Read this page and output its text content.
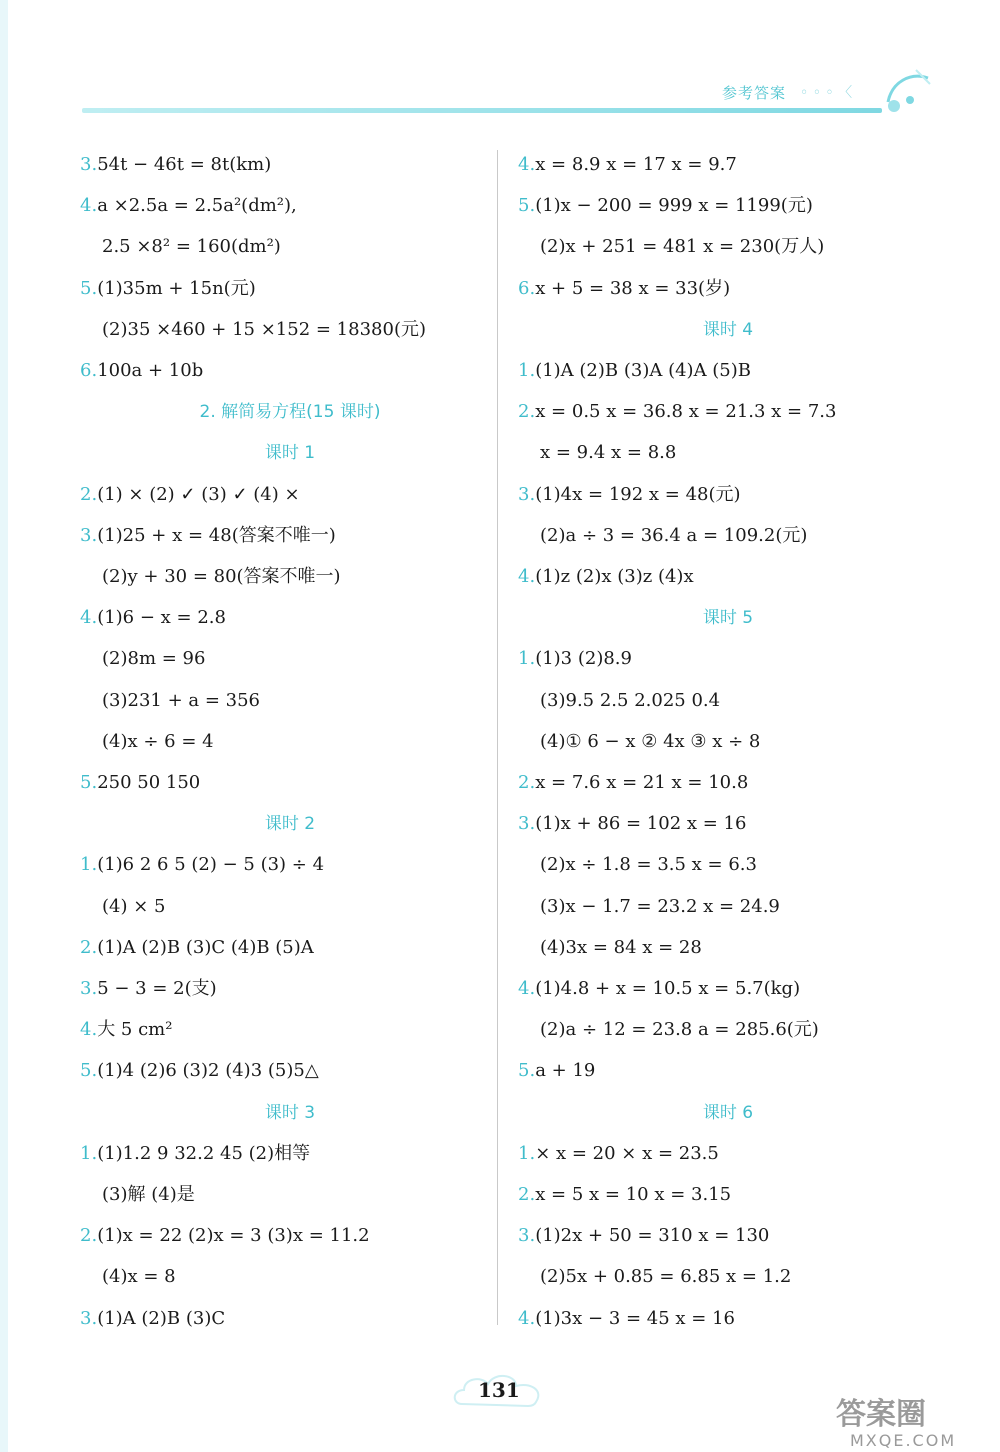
参考答案 ◦ ◦ ◦ 〈
3.54t − 46t = 8t(km)
4.a ×2.5a = 2.5a²(dm²),
2.5 ×8² = 160(dm²)
5.(1)35m + 15n(元)
(2)35 ×460 + 15 ×152 = 18380(元)
6.100a + 10b
2. 解简易方程(15 课时)
课时 1
2.(1) × (2) ✓ (3) ✓ (4) ×
3.(1)25 + x = 48(答案不唯一)
(2)y + 30 = 80(答案不唯一)
4.(1)6 − x = 2.8
(2)8m = 96
(3)231 + a = 356
(4)x ÷ 6 = 4
5.250 50 150
课时 2
1.(1)6 2 6 5 (2) − 5 (3) ÷ 4
(4) × 5
2.(1)A (2)B (3)C (4)B (5)A
3.5 − 3 = 2(支)
4.大 5 cm²
5.(1)4 (2)6 (3)2 (4)3 (5)5△
课时 3
1.(1)1.2 9 32.2 45 (2)相等
(3)解 (4)是
2.(1)x = 22 (2)x = 3 (3)x = 11.2
(4)x = 8
3.(1)A (2)B (3)C
4.x = 8.9 x = 17 x = 9.7
5.(1)x − 200 = 999 x = 1199(元)
(2)x + 251 = 481 x = 230(万人)
6.x + 5 = 38 x = 33(岁)
课时 4
1.(1)A (2)B (3)A (4)A (5)B
2.x = 0.5 x = 36.8 x = 21.3 x = 7.3
x = 9.4 x = 8.8
3.(1)4x = 192 x = 48(元)
(2)a ÷ 3 = 36.4 a = 109.2(元)
4.(1)z (2)x (3)z (4)x
课时 5
1.(1)3 (2)8.9
(3)9.5 2.5 2.025 0.4
(4)① 6 − x ② 4x ③ x ÷ 8
2.x = 7.6 x = 21 x = 10.8
3.(1)x + 86 = 102 x = 16
(2)x ÷ 1.8 = 3.5 x = 6.3
(3)x − 1.7 = 23.2 x = 24.9
(4)3x = 84 x = 28
4.(1)4.8 + x = 10.5 x = 5.7(kg)
(2)a ÷ 12 = 23.8 a = 285.6(元)
5.a + 19
课时 6
1.× x = 20 × x = 23.5
2.x = 5 x = 10 x = 3.15
3.(1)2x + 50 = 310 x = 130
(2)5x + 0.85 = 6.85 x = 1.2
4.(1)3x − 3 = 45 x = 16
131
答案圈
MXQE.COM
